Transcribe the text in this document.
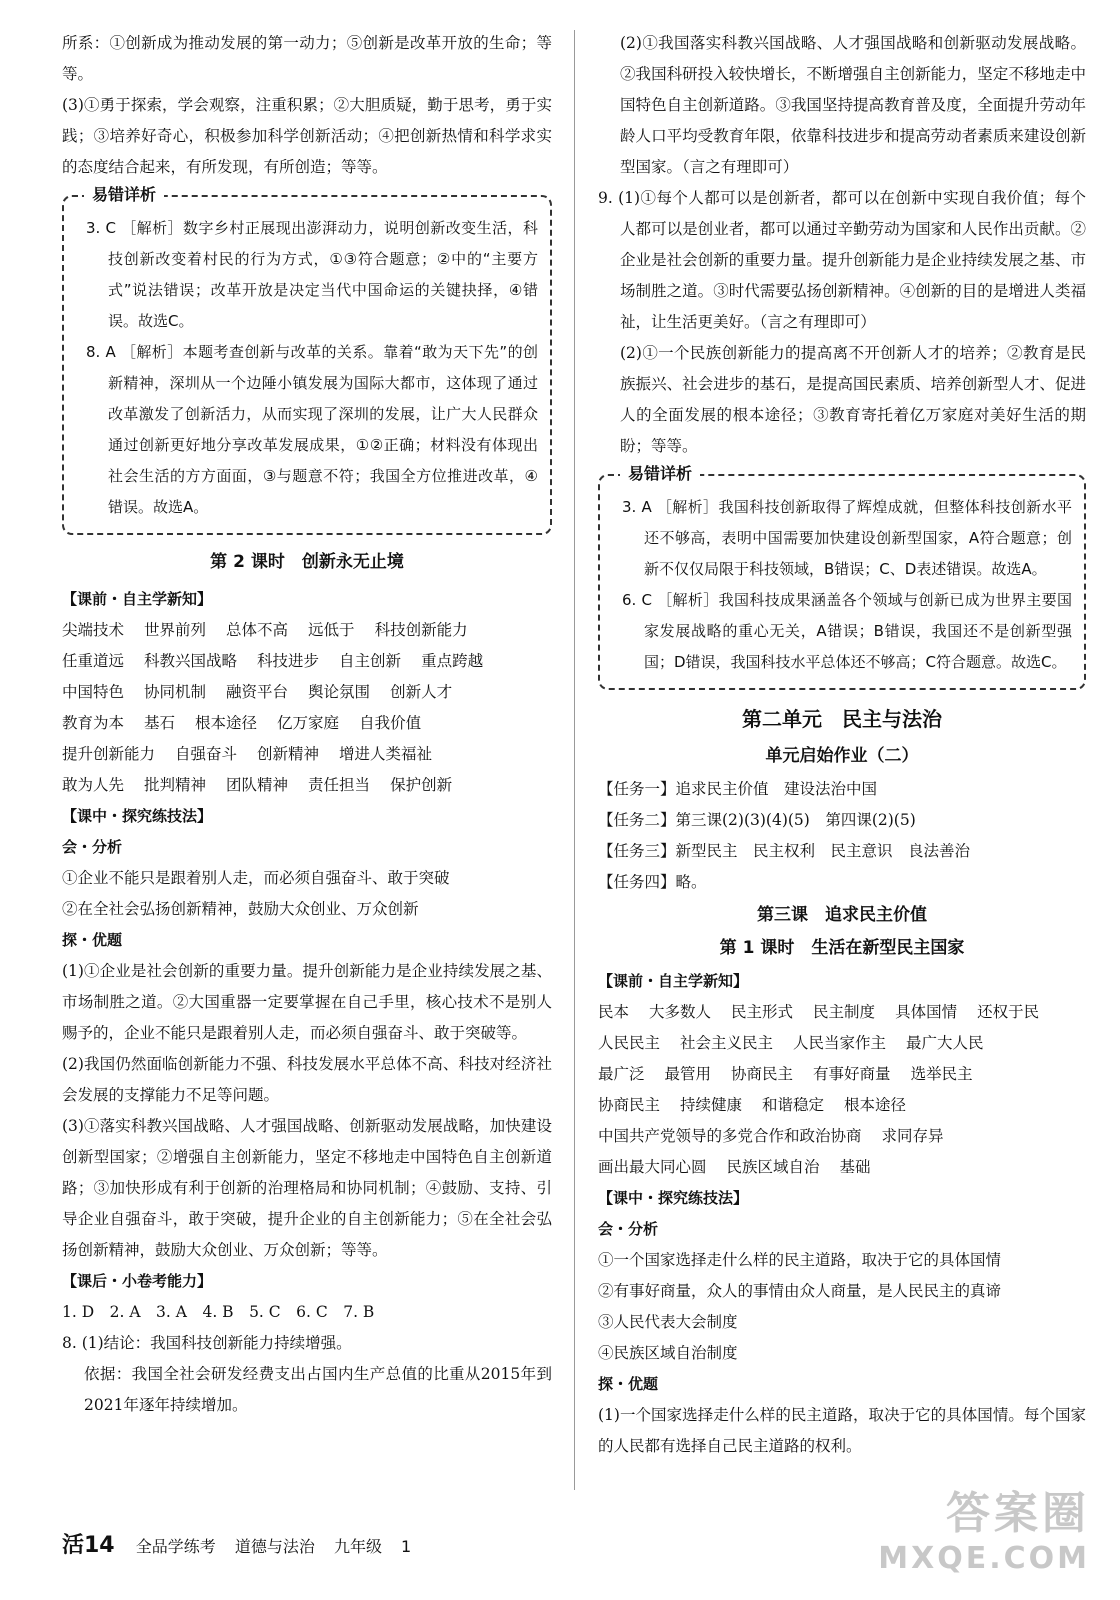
所系：①创新成为推动发展的第一动力；⑤创新是改革开放的生命；等等。

(3)①勇于探索，学会观察，注重积累；②大胆质疑，勤于思考，勇于实践；③培养好奇心，积极参加科学创新活动；④把创新热情和科学求实的态度结合起来，有所发现，有所创造；等等。

易错详析

3. C ［解析］数字乡村正展现出澎湃动力，说明创新改变生活，科技创新改变着村民的行为方式，①③符合题意；②中的“主要方式”说法错误；改革开放是决定当代中国命运的关键抉择，④错误。故选C。

8. A ［解析］本题考查创新与改革的关系。靠着“敢为天下先”的创新精神，深圳从一个边陲小镇发展为国际大都市，这体现了通过改革激发了创新活力，从而实现了深圳的发展，让广大人民群众通过创新更好地分享改革发展成果，①②正确；材料没有体现出社会生活的方方面面，③与题意不符；我国全方位推进改革，④错误。故选A。

第 2 课时　创新永无止境
【课前・自主学新知】
尖端技术 世界前列 总体不高 远低于 科技创新能力
任重道远 科教兴国战略 科技进步 自主创新 重点跨越
中国特色 协同机制 融资平台 舆论氛围 创新人才
教育为本 基石 根本途径 亿万家庭 自我价值
提升创新能力 自强奋斗 创新精神 增进人类福祉
敢为人先 批判精神 团队精神 责任担当 保护创新
【课中・探究练技法】
会・分析

①企业不能只是跟着别人走，而必须自强奋斗、敢于突破

②在全社会弘扬创新精神，鼓励大众创业、万众创新

探・优题

(1)①企业是社会创新的重要力量。提升创新能力是企业持续发展之基、市场制胜之道。②大国重器一定要掌握在自己手里，核心技术不是别人赐予的，企业不能只是跟着别人走，而必须自强奋斗、敢于突破等。

(2)我国仍然面临创新能力不强、科技发展水平总体不高、科技对经济社会发展的支撑能力不足等问题。

(3)①落实科教兴国战略、人才强国战略、创新驱动发展战略，加快建设创新型国家；②增强自主创新能力，坚定不移地走中国特色自主创新道路；③加快形成有利于创新的治理格局和协同机制；④鼓励、支持、引导企业自强奋斗，敢于突破，提升企业的自主创新能力；⑤在全社会弘扬创新精神，鼓励大众创业、万众创新；等等。

【课后・小卷考能力】

1. D　2. A　3. A　4. B　5. C　6. C　7. B

8. (1)结论：我国科技创新能力持续增强。

依据：我国全社会研发经费支出占国内生产总值的比重从2015年到2021年逐年持续增加。

(2)①我国落实科教兴国战略、人才强国战略和创新驱动发展战略。②我国科研投入较快增长，不断增强自主创新能力，坚定不移地走中国特色自主创新道路。③我国坚持提高教育普及度，全面提升劳动年龄人口平均受教育年限，依靠科技进步和提高劳动者素质来建设创新型国家。（言之有理即可）

9. (1)①每个人都可以是创新者，都可以在创新中实现自我价值；每个人都可以是创业者，都可以通过辛勤劳动为国家和人民作出贡献。②企业是社会创新的重要力量。提升创新能力是企业持续发展之基、市场制胜之道。③时代需要弘扬创新精神。④创新的目的是增进人类福祉，让生活更美好。（言之有理即可）

(2)①一个民族创新能力的提高离不开创新人才的培养；②教育是民族振兴、社会进步的基石，是提高国民素质、培养创新型人才、促进人的全面发展的根本途径；③教育寄托着亿万家庭对美好生活的期盼；等等。

易错详析

3. A ［解析］我国科技创新取得了辉煌成就，但整体科技创新水平还不够高，表明中国需要加快建设创新型国家，A符合题意；创新不仅仅局限于科技领域，B错误；C、D表述错误。故选A。

6. C ［解析］我国科技成果涵盖各个领域与创新已成为世界主要国家发展战略的重心无关，A错误；B错误，我国还不是创新型强国；D错误，我国科技水平总体还不够高；C符合题意。故选C。

第二单元　民主与法治
单元启始作业（二）

【任务一】追求民主价值　建设法治中国

【任务二】第三课(2)(3)(4)(5)　第四课(2)(5)

【任务三】新型民主　民主权利　民主意识　良法善治

【任务四】略。

第三课　追求民主价值
第 1 课时　生活在新型民主国家
【课前・自主学新知】
民本 大多数人 民主形式 民主制度 具体国情 还权于民
人民民主 社会主义民主 人民当家作主 最广大人民
最广泛 最管用 协商民主 有事好商量 选举民主
协商民主 持续健康 和谐稳定 根本途径
中国共产党领导的多党合作和政治协商 求同存异
画出最大同心圆 民族区域自治 基础
【课中・探究练技法】
会・分析

①一个国家选择走什么样的民主道路，取决于它的具体国情

②有事好商量，众人的事情由众人商量，是人民民主的真谛

③人民代表大会制度

④民族区域自治制度

探・优题

(1)一个国家选择走什么样的民主道路，取决于它的具体国情。每个国家的人民都有选择自己民主道路的权利。

活14 全品学练考 道德与法治 九年级 1
答案圈
MXQE.COM
